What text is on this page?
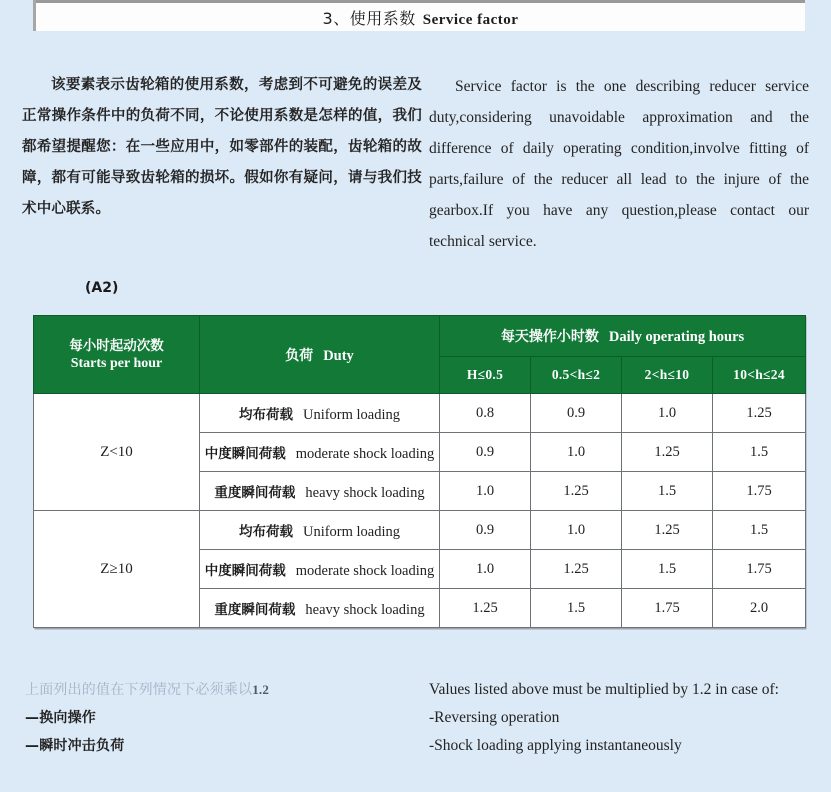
3、使用系数 Service factor

该要素表示齿轮箱的使用系数，考虑到不可避免的误差及正常操作条件中的负荷不同，不论使用系数是怎样的值，我们都希望提醒您：在一些应用中，如零部件的装配，齿轮箱的故障，都有可能导致齿轮箱的损坏。假如你有疑问，请与我们技术中心联系。

Service factor is the one describing reducer service duty,considering unavoidable approximation and the difference of daily operating condition,involve fitting of parts,failure of the reducer all lead to the injure of the gearbox.If you have any question,please contact our technical service.

(A2)
每小时起动次数
Starts per hour	负荷 Duty	每天操作小时数 Daily operating hours			
		H≤0.5	0.5<h≤2	2<h≤10	10<h≤24
Z<10	均布荷载 Uniform loading	0.8	0.9	1.0	1.25
	中度瞬间荷载 moderate shock loading	0.9	1.0	1.25	1.5
	重度瞬间荷载 heavy shock loading	1.0	1.25	1.5	1.75
Z≥10	均布荷载 Uniform loading	0.9	1.0	1.25	1.5
	中度瞬间荷载 moderate shock loading	1.0	1.25	1.5	1.75
	重度瞬间荷载 heavy shock loading	1.25	1.5	1.75	2.0
上面列出的值在下列情况下必须乘以1.2
—换向操作
—瞬时冲击负荷
Values listed above must be multiplied by 1.2 in case of:
-Reversing operation
-Shock loading applying instantaneously
